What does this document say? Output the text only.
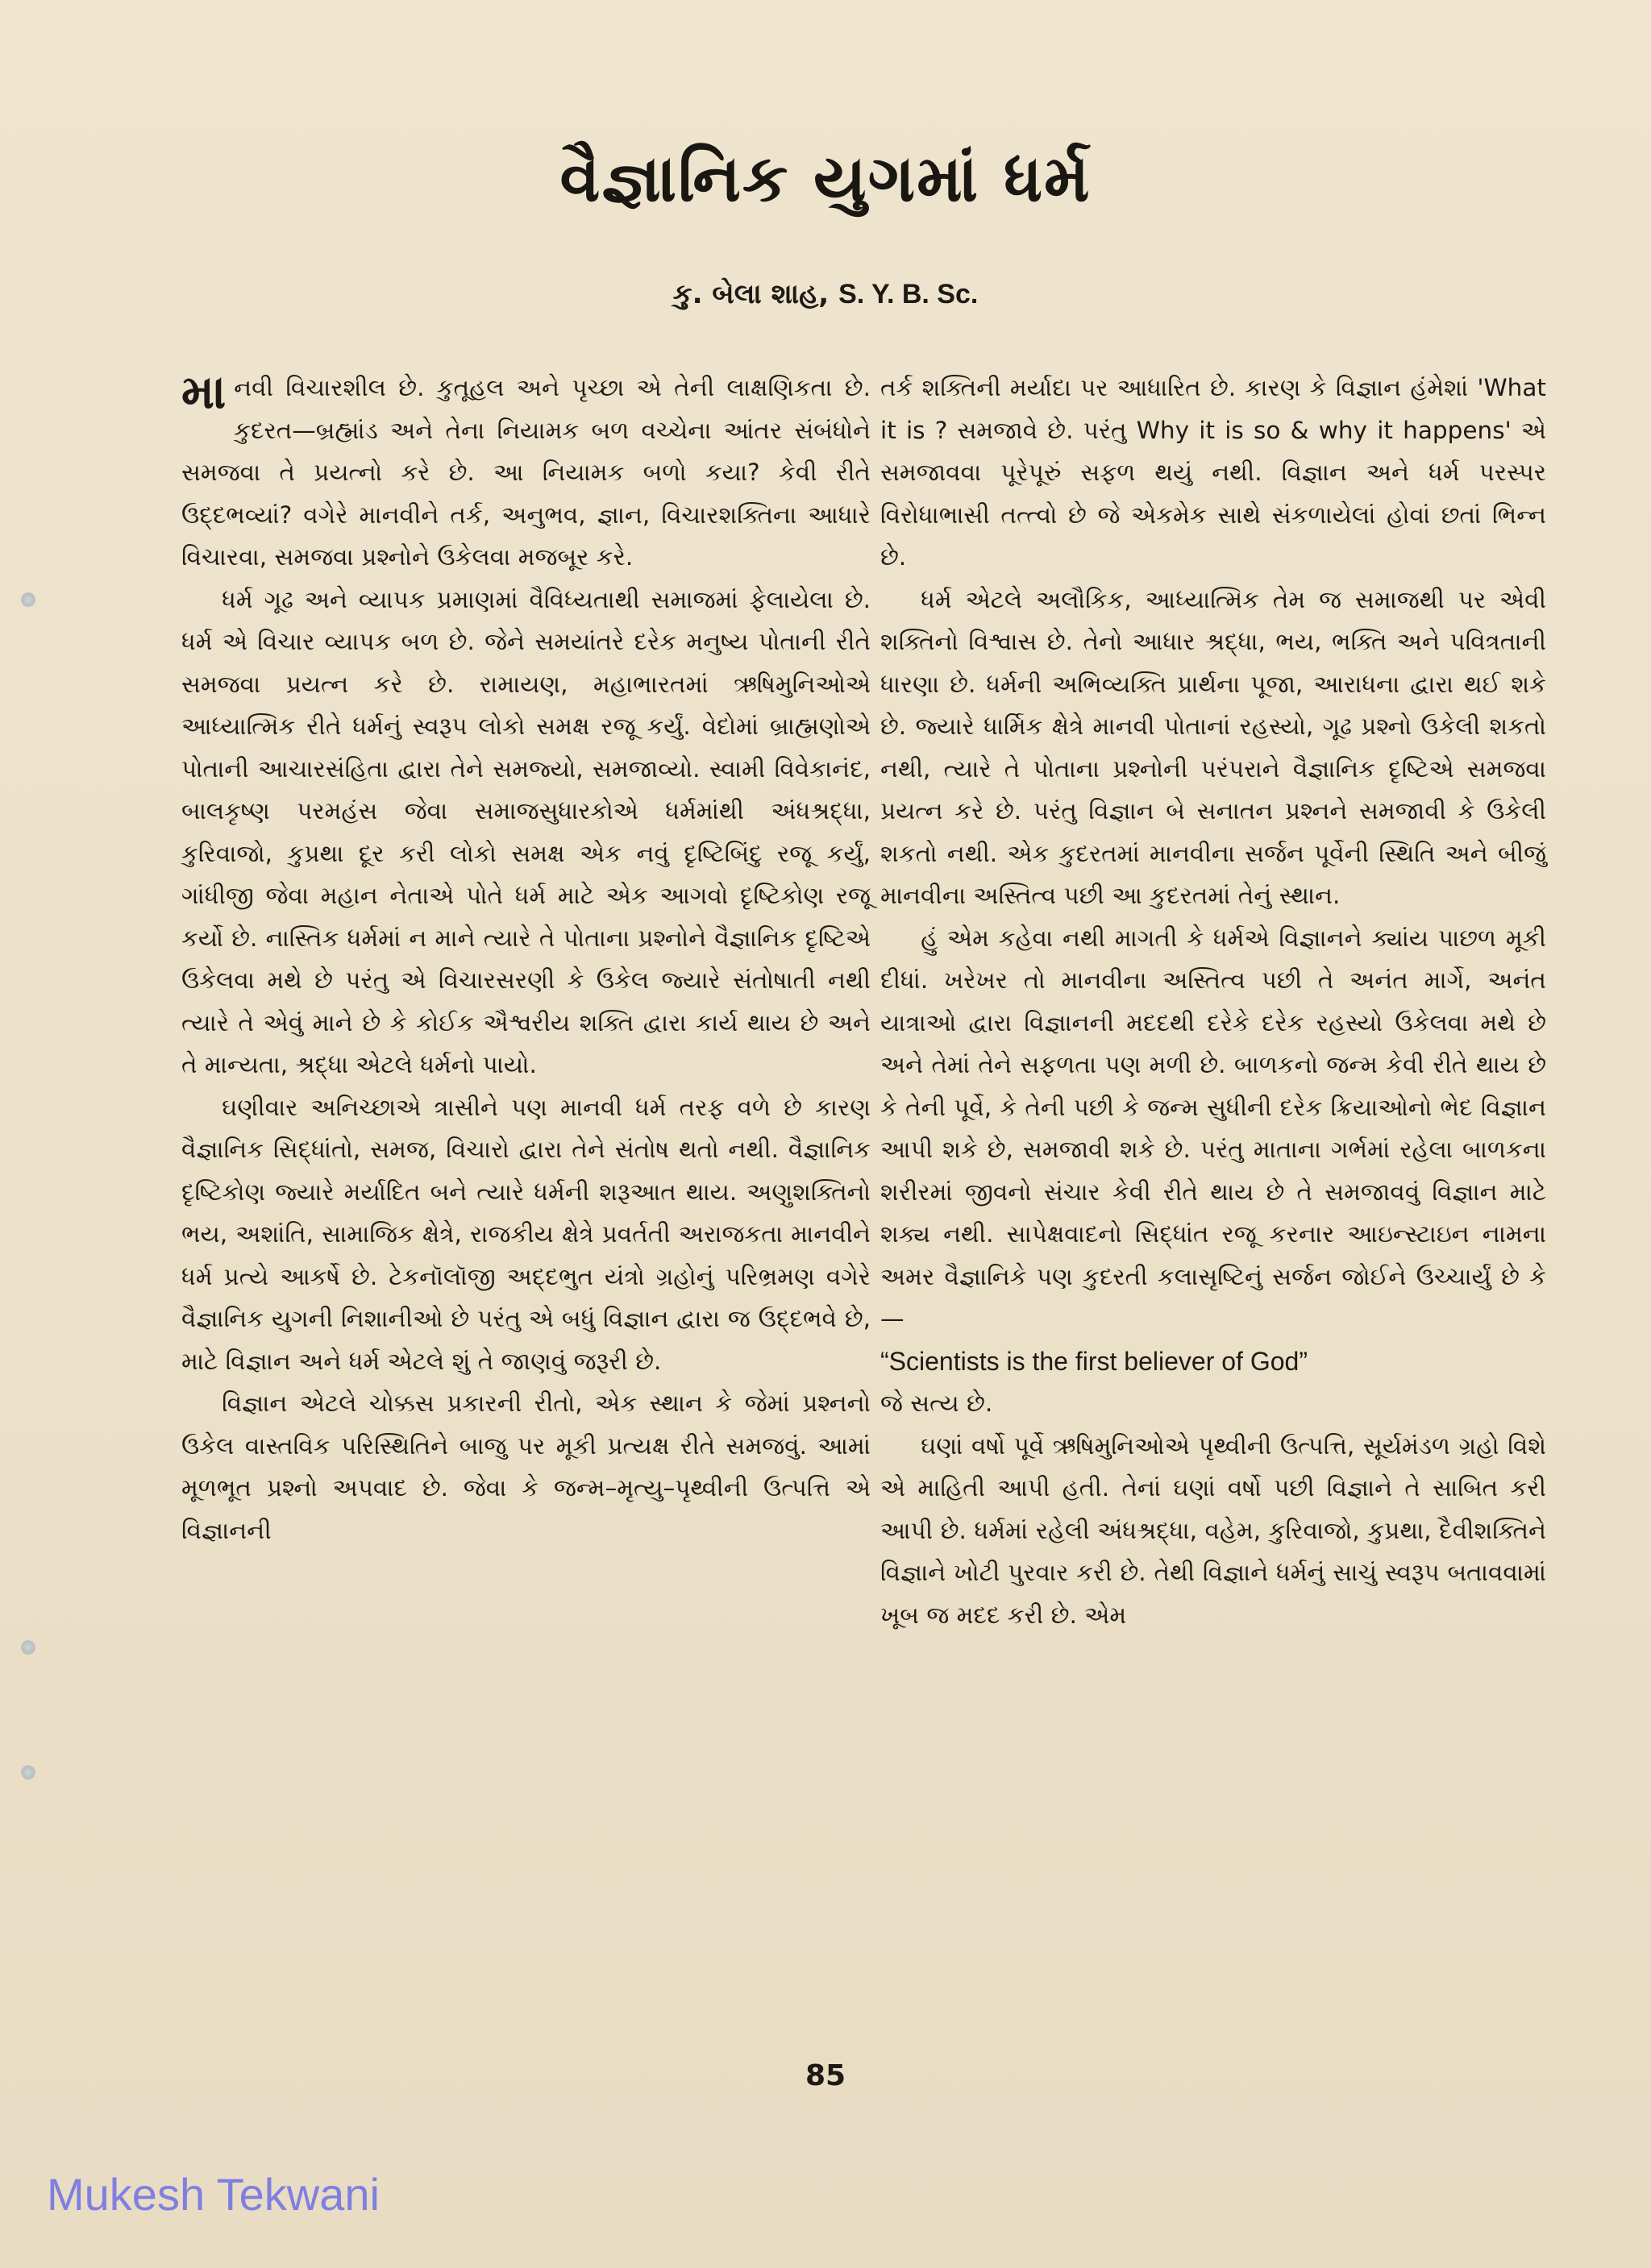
વૈજ્ઞાનિક યુગમાં ધર્મ
કુ. બેલા શાહ, S. Y. B. Sc.

માનવી વિચારશીલ છે. કુતૂહલ અને પૃચ્છા એ તેની લાક્ષણિકતા છે. કુદરત—બ્રહ્માંડ અને તેના નિયામક બળ વચ્ચેના આંતર સંબંધોને સમજવા તે પ્રયત્નો કરે છે. આ નિયામક બળો કયા? કેવી રીતે ઉદ્દભવ્યાં? વગેરે માનવીને તર્ક, અનુભવ, જ્ઞાન, વિચારશક્તિના આધારે વિચારવા, સમજવા પ્રશ્નોને ઉકેલવા મજબૂર કરે.

ધર્મ ગૂઢ અને વ્યાપક પ્રમાણમાં વૈવિધ્યતાથી સમાજમાં ફેલાયેલા છે. ધર્મ એ વિચાર વ્યાપક બળ છે. જેને સમયાંતરે દરેક મનુષ્ય પોતાની રીતે સમજવા પ્રયત્ન કરે છે. રામાયણ, મહાભારતમાં ઋષિમુનિઓએ આધ્યાત્મિક રીતે ધર્મનું સ્વરૂપ લોકો સમક્ષ રજૂ કર્યું. વેદોમાં બ્રાહ્મણોએ પોતાની આચારસંહિતા દ્વારા તેને સમજ્યો, સમજાવ્યો. સ્વામી વિવેકાનંદ, બાલકૃષ્ણ પરમહંસ જેવા સમાજસુધારકોએ ધર્મમાંથી અંધશ્રદ્ધા, કુરિવાજો, કુપ્રથા દૂર કરી લોકો સમક્ષ એક નવું દૃષ્ટિબિંદુ રજૂ કર્યું, ગાંધીજી જેવા મહાન નેતાએ પોતે ધર્મ માટે એક આગવો દૃષ્ટિકોણ રજૂ કર્યો છે. નાસ્તિક ધર્મમાં ન માને ત્યારે તે પોતાના પ્રશ્નોને વૈજ્ઞાનિક દૃષ્ટિએ ઉકેલવા મથે છે પરંતુ એ વિચારસરણી કે ઉકેલ જ્યારે સંતોષાતી નથી ત્યારે તે એવું માને છે કે કોઈક ઐશ્વરીય શક્તિ દ્વારા કાર્ય થાય છે અને તે માન્યતા, શ્રદ્ધા એટલે ધર્મનો પાયો.

ઘણીવાર અનિચ્છાએ ત્રાસીને પણ માનવી ધર્મ તરફ વળે છે કારણ વૈજ્ઞાનિક સિદ્ધાંતો, સમજ, વિચારો દ્વારા તેને સંતોષ થતો નથી. વૈજ્ઞાનિક દૃષ્ટિકોણ જ્યારે મર્યાદિત બને ત્યારે ધર્મની શરૂઆત થાય. અણુશક્તિનો ભય, અશાંતિ, સામાજિક ક્ષેત્રે, રાજકીય ક્ષેત્રે પ્રવર્તતી અરાજકતા માનવીને ધર્મ પ્રત્યે આકર્ષે છે. ટેકનૉલૉજી અદ્દભુત યંત્રો ગ્રહોનું પરિભ્રમણ વગેરે વૈજ્ઞાનિક યુગની નિશાનીઓ છે પરંતુ એ બધું વિજ્ઞાન દ્વારા જ ઉદ્દભવે છે, માટે વિજ્ઞાન અને ધર્મ એટલે શું તે જાણવું જરૂરી છે.

વિજ્ઞાન એટલે ચોક્કસ પ્રકારની રીતો, એક સ્થાન કે જેમાં પ્રશ્નનો ઉકેલ વાસ્તવિક પરિસ્થિતિને બાજુ પર મૂકી પ્રત્યક્ષ રીતે સમજવું. આમાં મૂળભૂત પ્રશ્નો અપવાદ છે. જેવા કે જન્મ–મૃત્યુ–પૃથ્વીની ઉત્પત્તિ એ વિજ્ઞાનની

તર્ક શક્તિની મર્યાદા પર આધારિત છે. કારણ કે વિજ્ઞાન હંમેશાં 'What it is ? સમજાવે છે. પરંતુ Why it is so & why it happens' એ સમજાવવા પૂરેપૂરું સફળ થયું નથી. વિજ્ઞાન અને ધર્મ પરસ્પર વિરોધાભાસી તત્ત્વો છે જે એકમેક સાથે સંકળાયેલાં હોવાં છતાં ભિન્ન છે.

ધર્મ એટલે અલૌકિક, આધ્યાત્મિક તેમ જ સમાજથી પર એવી શક્તિનો વિશ્વાસ છે. તેનો આધાર શ્રદ્ધા, ભય, ભક્તિ અને પવિત્રતાની ધારણા છે. ધર્મની અભિવ્યક્તિ પ્રાર્થના પૂજા, આરાધના દ્વારા થઈ શકે છે. જ્યારે ધાર્મિક ક્ષેત્રે માનવી પોતાનાં રહસ્યો, ગૂઢ પ્રશ્નો ઉકેલી શકતો નથી, ત્યારે તે પોતાના પ્રશ્નોની પરંપરાને વૈજ્ઞાનિક દૃષ્ટિએ સમજવા પ્રયત્ન કરે છે. પરંતુ વિજ્ઞાન બે સનાતન પ્રશ્નને સમજાવી કે ઉકેલી શકતો નથી. એક કુદરતમાં માનવીના સર્જન પૂર્વેની સ્થિતિ અને બીજું માનવીના અસ્તિત્વ પછી આ કુદરતમાં તેનું સ્થાન.

હું એમ કહેવા નથી માગતી કે ધર્મએ વિજ્ઞાનને ક્યાંય પાછળ મૂકી દીધાં. ખરેખર તો માનવીના અસ્તિત્વ પછી તે અનંત માર્ગે, અનંત યાત્રાઓ દ્વારા વિજ્ઞાનની મદદથી દરેકે દરેક રહસ્યો ઉકેલવા મથે છે અને તેમાં તેને સફળતા પણ મળી છે. બાળકનો જન્મ કેવી રીતે થાય છે કે તેની પૂર્વે, કે તેની પછી કે જન્મ સુધીની દરેક ક્રિયાઓનો ભેદ વિજ્ઞાન આપી શકે છે, સમજાવી શકે છે. પરંતુ માતાના ગર્ભમાં રહેલા બાળકના શરીરમાં જીવનો સંચાર કેવી રીતે થાય છે તે સમજાવવું વિજ્ઞાન માટે શક્ય નથી. સાપેક્ષવાદનો સિદ્ધાંત રજૂ કરનાર આઇન્સ્ટાઇન નામના અમર વૈજ્ઞાનિકે પણ કુદરતી કલાસૃષ્ટિનું સર્જન જોઈને ઉચ્ચાર્યું છે કે—

“Scientists is the first believer of God”

જે સત્ય છે.

ઘણાં વર્ષો પૂર્વે ઋષિમુનિઓએ પૃથ્વીની ઉત્પત્તિ, સૂર્યમંડળ ગ્રહો વિશે એ માહિતી આપી હતી. તેનાં ઘણાં વર્ષો પછી વિજ્ઞાને તે સાબિત કરી આપી છે. ધર્મમાં રહેલી અંધશ્રદ્ધા, વહેમ, કુરિવાજો, કુપ્રથા, દૈવીશક્તિને વિજ્ઞાને ખોટી પુરવાર કરી છે. તેથી વિજ્ઞાને ધર્મનું સાચું સ્વરૂપ બતાવવામાં ખૂબ જ મદદ કરી છે. એમ

85
Mukesh Tekwani
